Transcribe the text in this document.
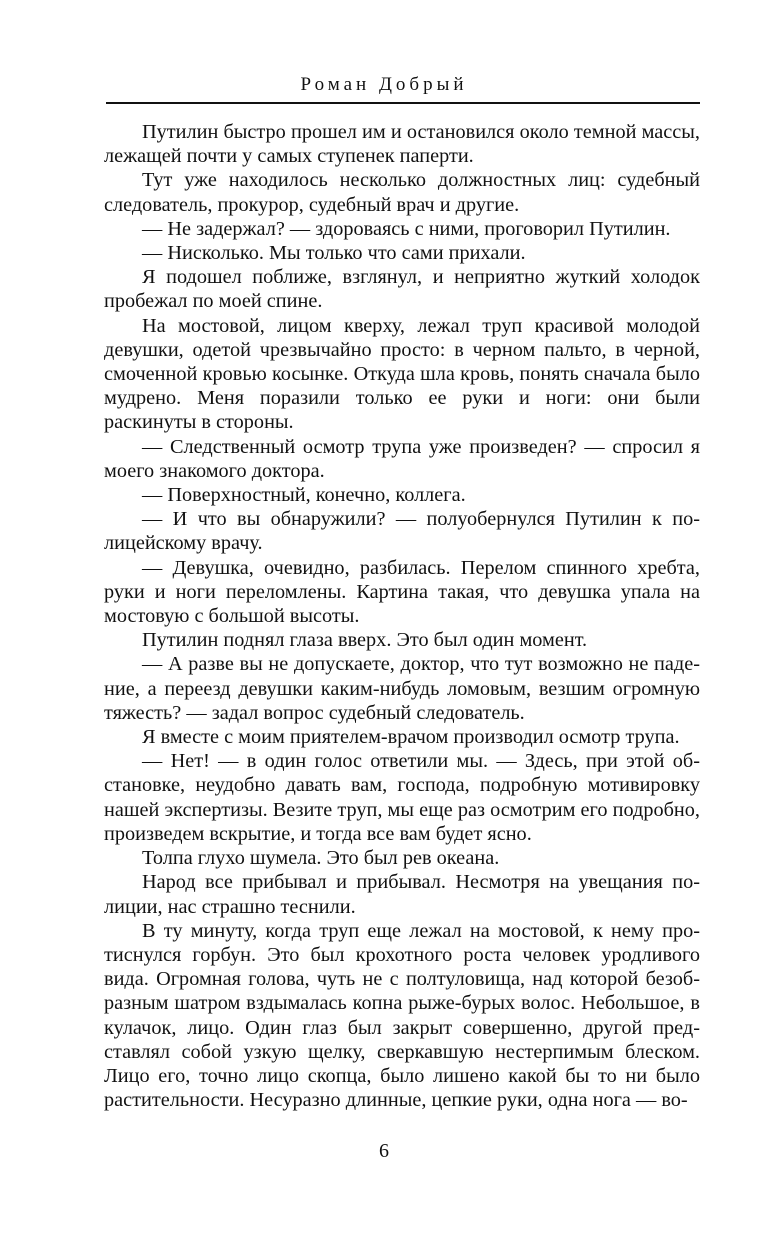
Роман Добрый

Путилин быстро прошел им и остановился около темной массы, лежащей почти у самых ступенек паперти.

Тут уже находилось несколько должностных лиц: судебный следователь, прокурор, судебный врач и другие.

— Не задержал? — здороваясь с ними, проговорил Путилин.

— Нисколько. Мы только что сами прихали.

Я подошел поближе, взглянул, и неприятно жуткий холодок пробежал по моей спине.

На мостовой, лицом кверху, лежал труп красивой молодой девушки, одетой чрезвычайно просто: в черном пальто, в черной, смоченной кровью косынке. Откуда шла кровь, понять сначала было мудрено. Меня поразили только ее руки и ноги: они были раскинуты в стороны.

— Следственный осмотр трупа уже произведен? — спросил я моего знакомого доктора.

— Поверхностный, конечно, коллега.

— И что вы обнаружили? — полуобернулся Путилин к полицейскому врачу.

— Девушка, очевидно, разбилась. Перелом спинного хребта, руки и ноги переломлены. Картина такая, что девушка упала на мостовую с большой высоты.

Путилин поднял глаза вверх. Это был один момент.

— А разве вы не допускаете, доктор, что тут возможно не падение, а переезд девушки каким-нибудь ломовым, везшим огромную тяжесть? — задал вопрос судебный следователь.

Я вместе с моим приятелем-врачом производил осмотр трупа.

— Нет! — в один голос ответили мы. — Здесь, при этой обстановке, неудобно давать вам, господа, подробную мотивировку нашей экспертизы. Везите труп, мы еще раз осмотрим его подробно, произведем вскрытие, и тогда все вам будет ясно.

Толпа глухо шумела. Это был рев океана.

Народ все прибывал и прибывал. Несмотря на увещания полиции, нас страшно теснили.

В ту минуту, когда труп еще лежал на мостовой, к нему протиснулся горбун. Это был крохотного роста человек уродливого вида. Огромная голова, чуть не с полтуловища, над которой безобразным шатром вздымалась копна рыже-бурых волос. Небольшое, в кулачок, лицо. Один глаз был закрыт совершенно, другой представлял собой узкую щелку, сверкавшую нестерпимым блеском. Лицо его, точно лицо скопца, было лишено какой бы то ни было растительности. Несуразно длинные, цепкие руки, одна нога — во-

6
